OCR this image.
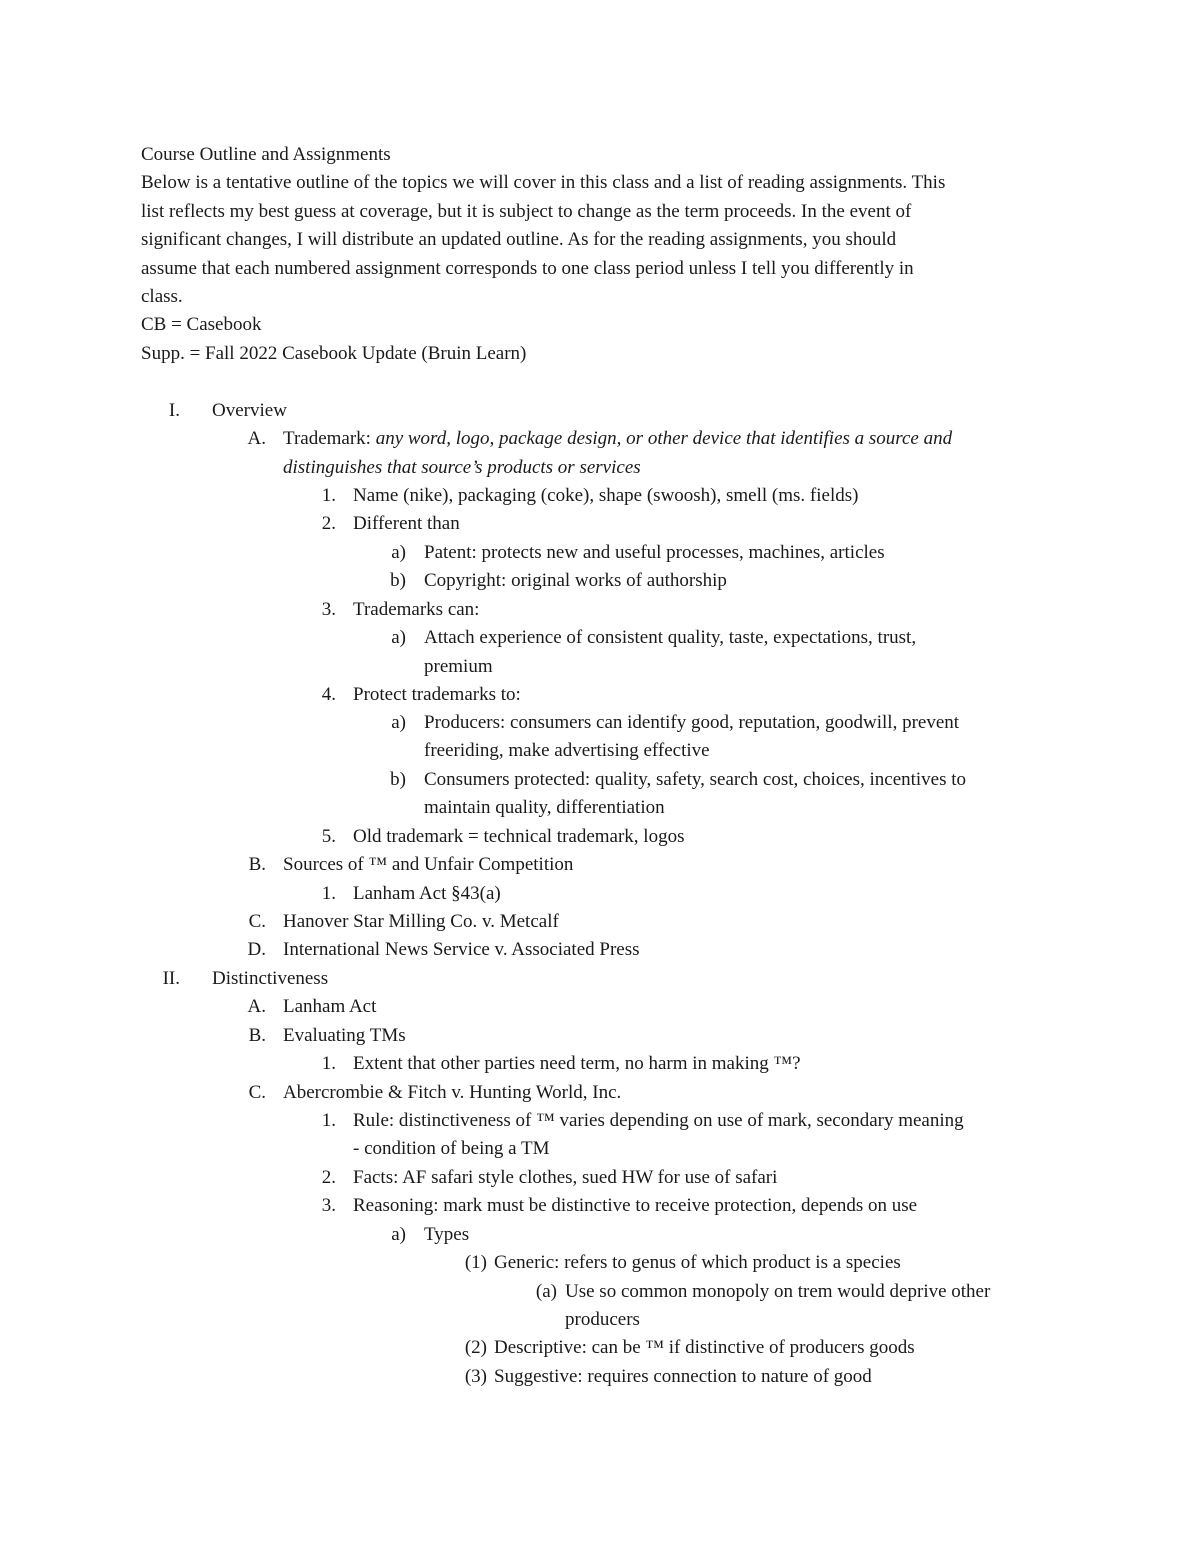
Course Outline and Assignments
Below is a tentative outline of the topics we will cover in this class and a list of reading assignments. This
list reflects my best guess at coverage, but it is subject to change as the term proceeds. In the event of
significant changes, I will distribute an updated outline. As for the reading assignments, you should
assume that each numbered assignment corresponds to one class period unless I tell you differently in
class.
CB = Casebook
Supp. = Fall 2022 Casebook Update (Bruin Learn)
I. Overview
A. Trademark: any word, logo, package design, or other device that identifies a source and
distinguishes that source’s products or services
1. Name (nike), packaging (coke), shape (swoosh), smell (ms. fields)
2. Different than
a) Patent: protects new and useful processes, machines, articles
b) Copyright: original works of authorship
3. Trademarks can:
a) Attach experience of consistent quality, taste, expectations, trust,
premium
4. Protect trademarks to:
a) Producers: consumers can identify good, reputation, goodwill, prevent
freeriding, make advertising effective
b) Consumers protected: quality, safety, search cost, choices, incentives to
maintain quality, differentiation
5. Old trademark = technical trademark, logos
B. Sources of ™ and Unfair Competition
1. Lanham Act §43(a)
C. Hanover Star Milling Co. v. Metcalf
D. International News Service v. Associated Press
II. Distinctiveness
A. Lanham Act
B. Evaluating TMs
1. Extent that other parties need term, no harm in making ™?
C. Abercrombie & Fitch v. Hunting World, Inc.
1. Rule: distinctiveness of ™ varies depending on use of mark, secondary meaning
- condition of being a TM
2. Facts: AF safari style clothes, sued HW for use of safari
3. Reasoning: mark must be distinctive to receive protection, depends on use
a) Types
(1) Generic: refers to genus of which product is a species
(a) Use so common monopoly on trem would deprive other
producers
(2) Descriptive: can be ™ if distinctive of producers goods
(3) Suggestive: requires connection to nature of good
